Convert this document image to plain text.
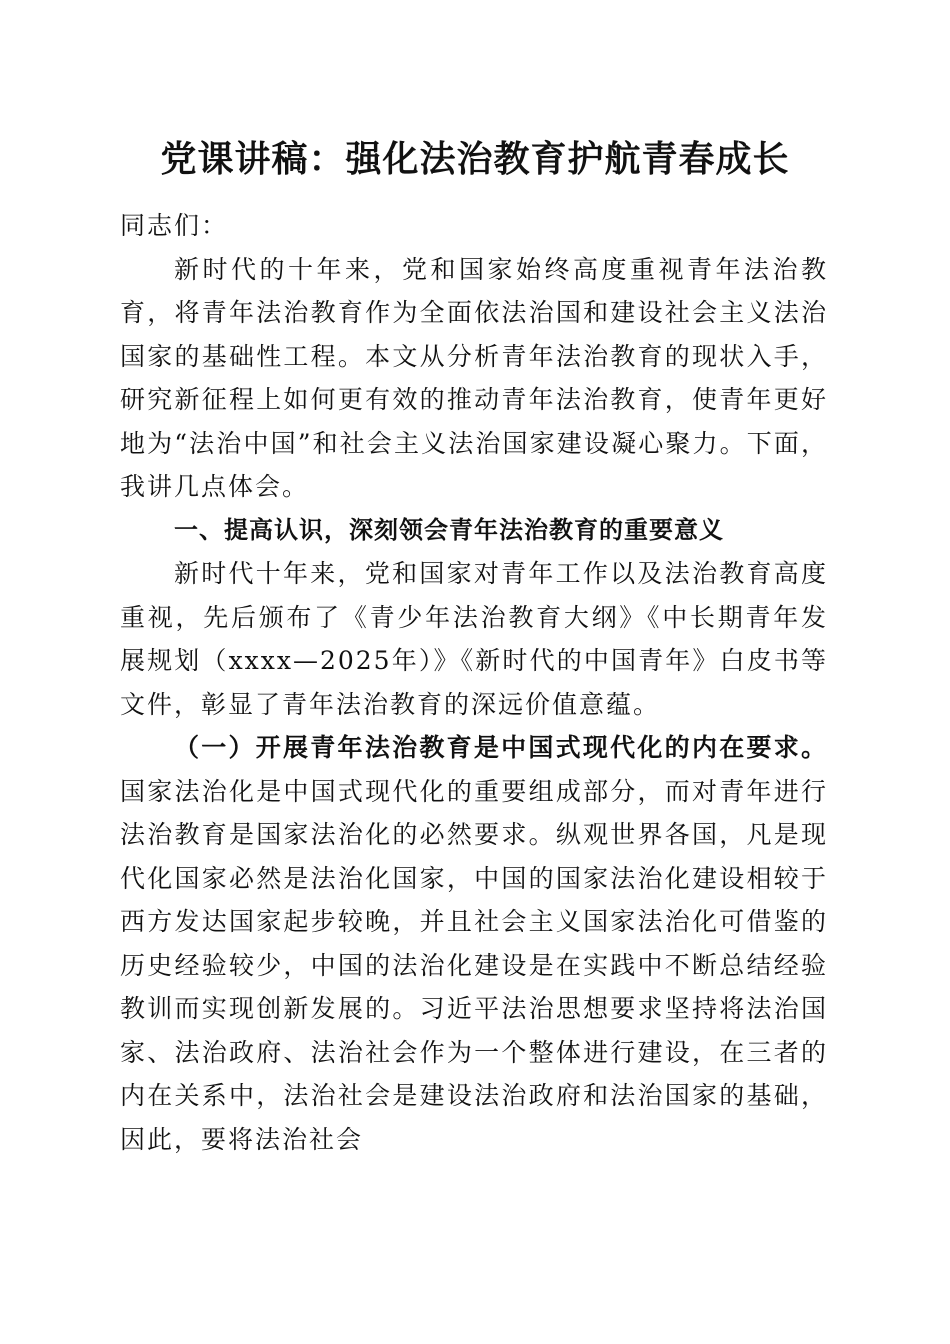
党课讲稿：强化法治教育护航青春成长

同志们：

新时代的十年来，党和国家始终高度重视青年法治教育，将青年法治教育作为全面依法治国和建设社会主义法治国家的基础性工程。本文从分析青年法治教育的现状入手，研究新征程上如何更有效的推动青年法治教育，使青年更好地为“法治中国”和社会主义法治国家建设凝心聚力。下面，我讲几点体会。

一、提高认识，深刻领会青年法治教育的重要意义

新时代十年来，党和国家对青年工作以及法治教育高度重视，先后颁布了《青少年法治教育大纲》《中长期青年发展规划（xxxx—2025年）》《新时代的中国青年》白皮书等文件，彰显了青年法治教育的深远价值意蕴。

（一）开展青年法治教育是中国式现代化的内在要求。国家法治化是中国式现代化的重要组成部分，而对青年进行法治教育是国家法治化的必然要求。纵观世界各国，凡是现代化国家必然是法治化国家，中国的国家法治化建设相较于西方发达国家起步较晚，并且社会主义国家法治化可借鉴的历史经验较少，中国的法治化建设是在实践中不断总结经验教训而实现创新发展的。习近平法治思想要求坚持将法治国家、法治政府、法治社会作为一个整体进行建设，在三者的内在关系中，法治社会是建设法治政府和法治国家的基础，因此，要将法治社会
